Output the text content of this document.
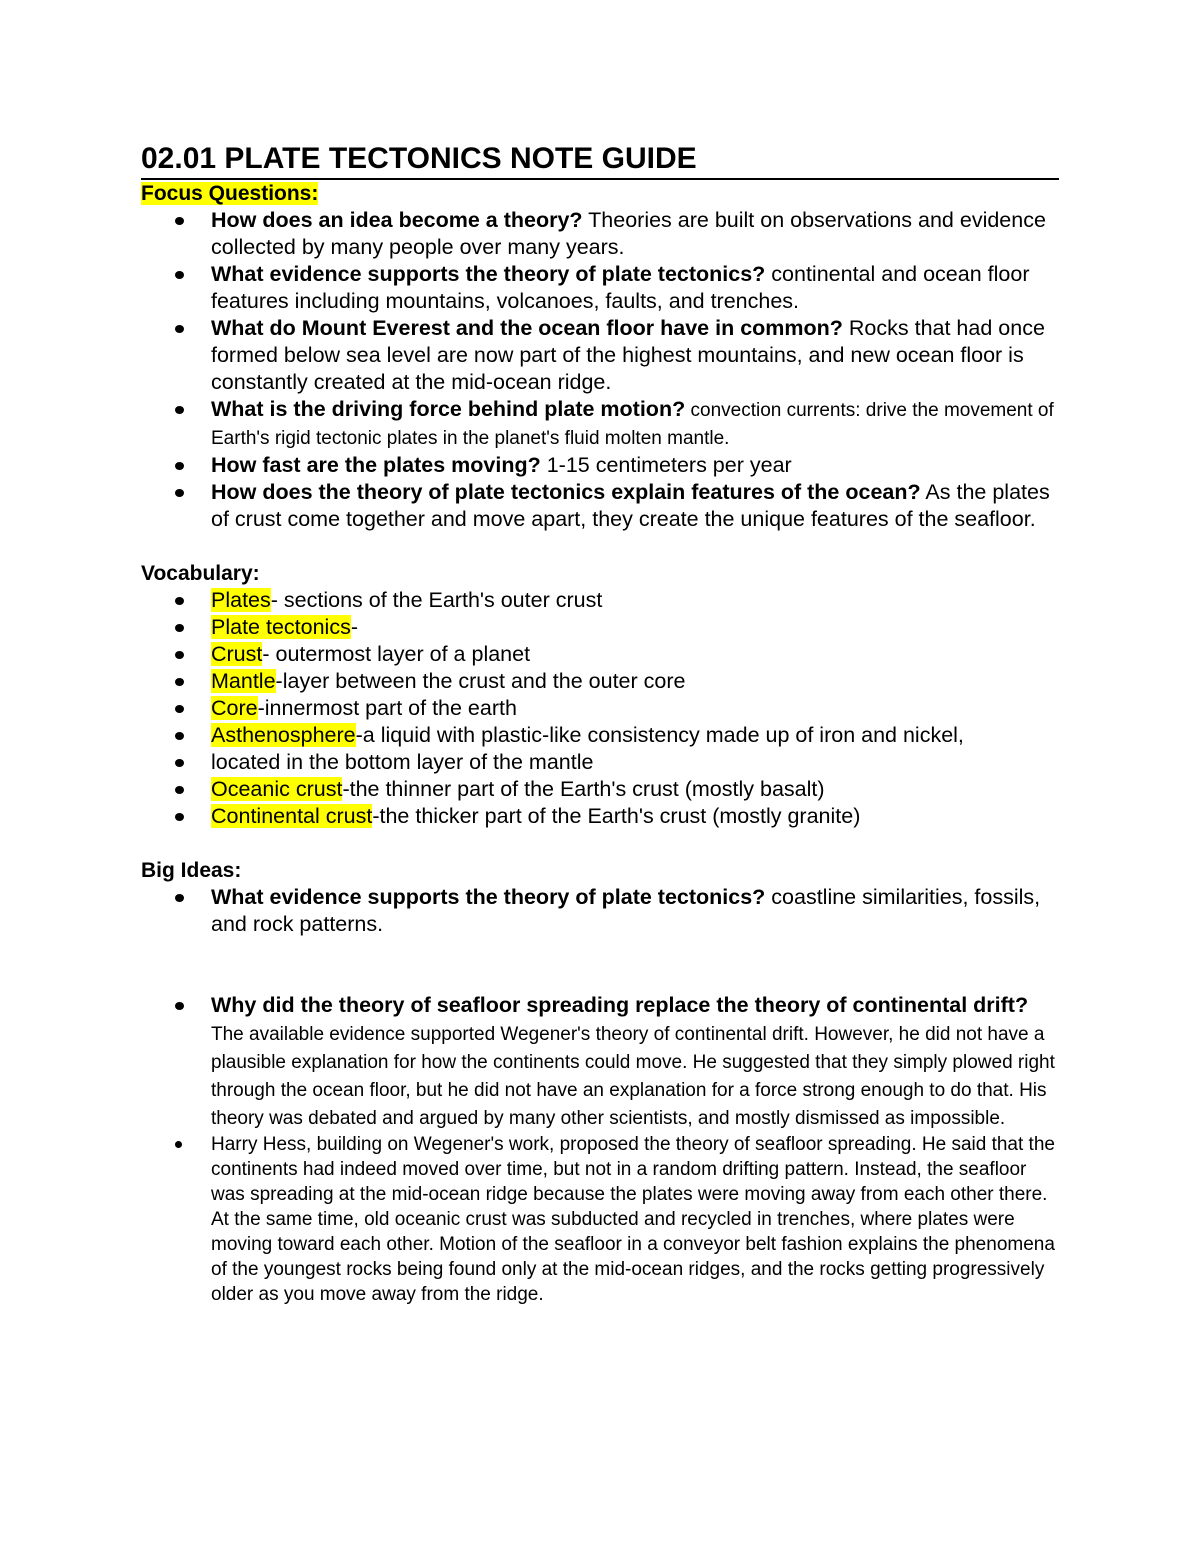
02.01 PLATE TECTONICS NOTE GUIDE
Focus Questions:
How does an idea become a theory? Theories are built on observations and evidence collected by many people over many years.
What evidence supports the theory of plate tectonics? continental and ocean floor features including mountains, volcanoes, faults, and trenches.
What do Mount Everest and the ocean floor have in common? Rocks that had once formed below sea level are now part of the highest mountains, and new ocean floor is constantly created at the mid-ocean ridge.
What is the driving force behind plate motion? convection currents: drive the movement of Earth's rigid tectonic plates in the planet's fluid molten mantle.
How fast are the plates moving? 1-15 centimeters per year
How does the theory of plate tectonics explain features of the ocean? As the plates of crust come together and move apart, they create the unique features of the seafloor.
Vocabulary:
Plates- sections of the Earth's outer crust
Plate tectonics-
Crust- outermost layer of a planet
Mantle-layer between the crust and the outer core
Core-innermost part of the earth
Asthenosphere-a liquid with plastic-like consistency made up of iron and nickel,
located in the bottom layer of the mantle
Oceanic crust-the thinner part of the Earth's crust (mostly basalt)
Continental crust-the thicker part of the Earth's crust (mostly granite)
Big Ideas:
What evidence supports the theory of plate tectonics? coastline similarities, fossils, and rock patterns.
Why did the theory of seafloor spreading replace the theory of continental drift? The available evidence supported Wegener's theory of continental drift. However, he did not have a plausible explanation for how the continents could move. He suggested that they simply plowed right through the ocean floor, but he did not have an explanation for a force strong enough to do that. His theory was debated and argued by many other scientists, and mostly dismissed as impossible.
Harry Hess, building on Wegener's work, proposed the theory of seafloor spreading. He said that the continents had indeed moved over time, but not in a random drifting pattern. Instead, the seafloor was spreading at the mid-ocean ridge because the plates were moving away from each other there. At the same time, old oceanic crust was subducted and recycled in trenches, where plates were moving toward each other. Motion of the seafloor in a conveyor belt fashion explains the phenomena of the youngest rocks being found only at the mid-ocean ridges, and the rocks getting progressively older as you move away from the ridge.
